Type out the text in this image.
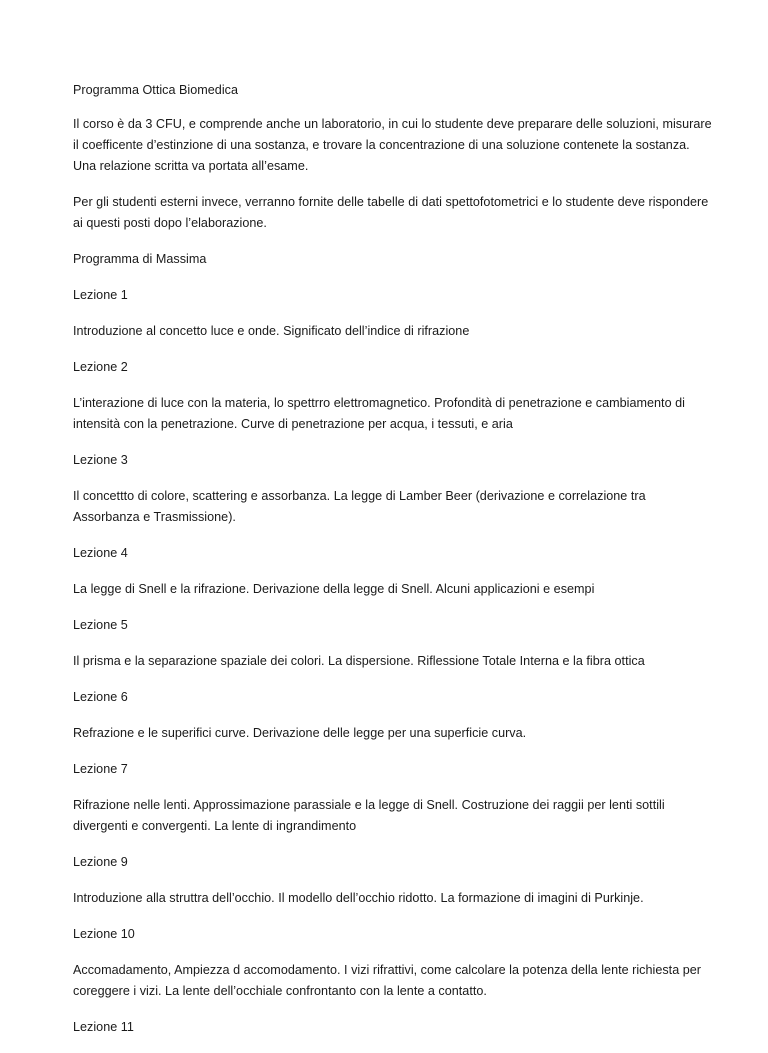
Programma Ottica Biomedica

Il corso è da 3 CFU, e comprende anche un laboratorio, in cui lo studente deve preparare delle soluzioni, misurare il coefficente d’estinzione di una sostanza, e trovare la concentrazione di una soluzione contenete la sostanza. Una relazione scritta va portata all’esame.

Per gli studenti esterni invece, verranno fornite delle tabelle di dati spettofotometrici e lo studente deve rispondere ai questi posti dopo l’elaborazione.

Programma di Massima

Lezione 1

Introduzione al concetto luce e onde. Significato dell’indice di rifrazione

Lezione 2

L’interazione di luce con la materia, lo spettrro elettromagnetico. Profondità di penetrazione e cambiamento di intensità con la penetrazione. Curve di penetrazione per acqua, i tessuti, e aria

Lezione 3

Il concettto di colore, scattering e assorbanza. La legge di Lamber Beer (derivazione e correlazione tra Assorbanza e Trasmissione).

Lezione 4

La legge di Snell e la rifrazione. Derivazione della legge di Snell. Alcuni applicazioni e esempi

Lezione 5

Il prisma e la separazione spaziale dei colori. La dispersione. Riflessione Totale Interna e la fibra ottica

Lezione 6

Refrazione e le superifici curve. Derivazione delle legge per una superficie curva.

Lezione 7

Rifrazione nelle lenti. Approssimazione parassiale e la legge di Snell. Costruzione dei raggii per lenti sottili divergenti e convergenti. La lente di ingrandimento

Lezione 9

Introduzione alla struttra dell’occhio. Il modello dell’occhio ridotto. La formazione di imagini di Purkinje.

Lezione 10

Accomadamento, Ampiezza d accomodamento. I vizi rifrattivi, come calcolare la potenza della lente richiesta per coreggere i vizi. La lente dell’occhiale confrontanto con la lente a contatto.

Lezione 11
